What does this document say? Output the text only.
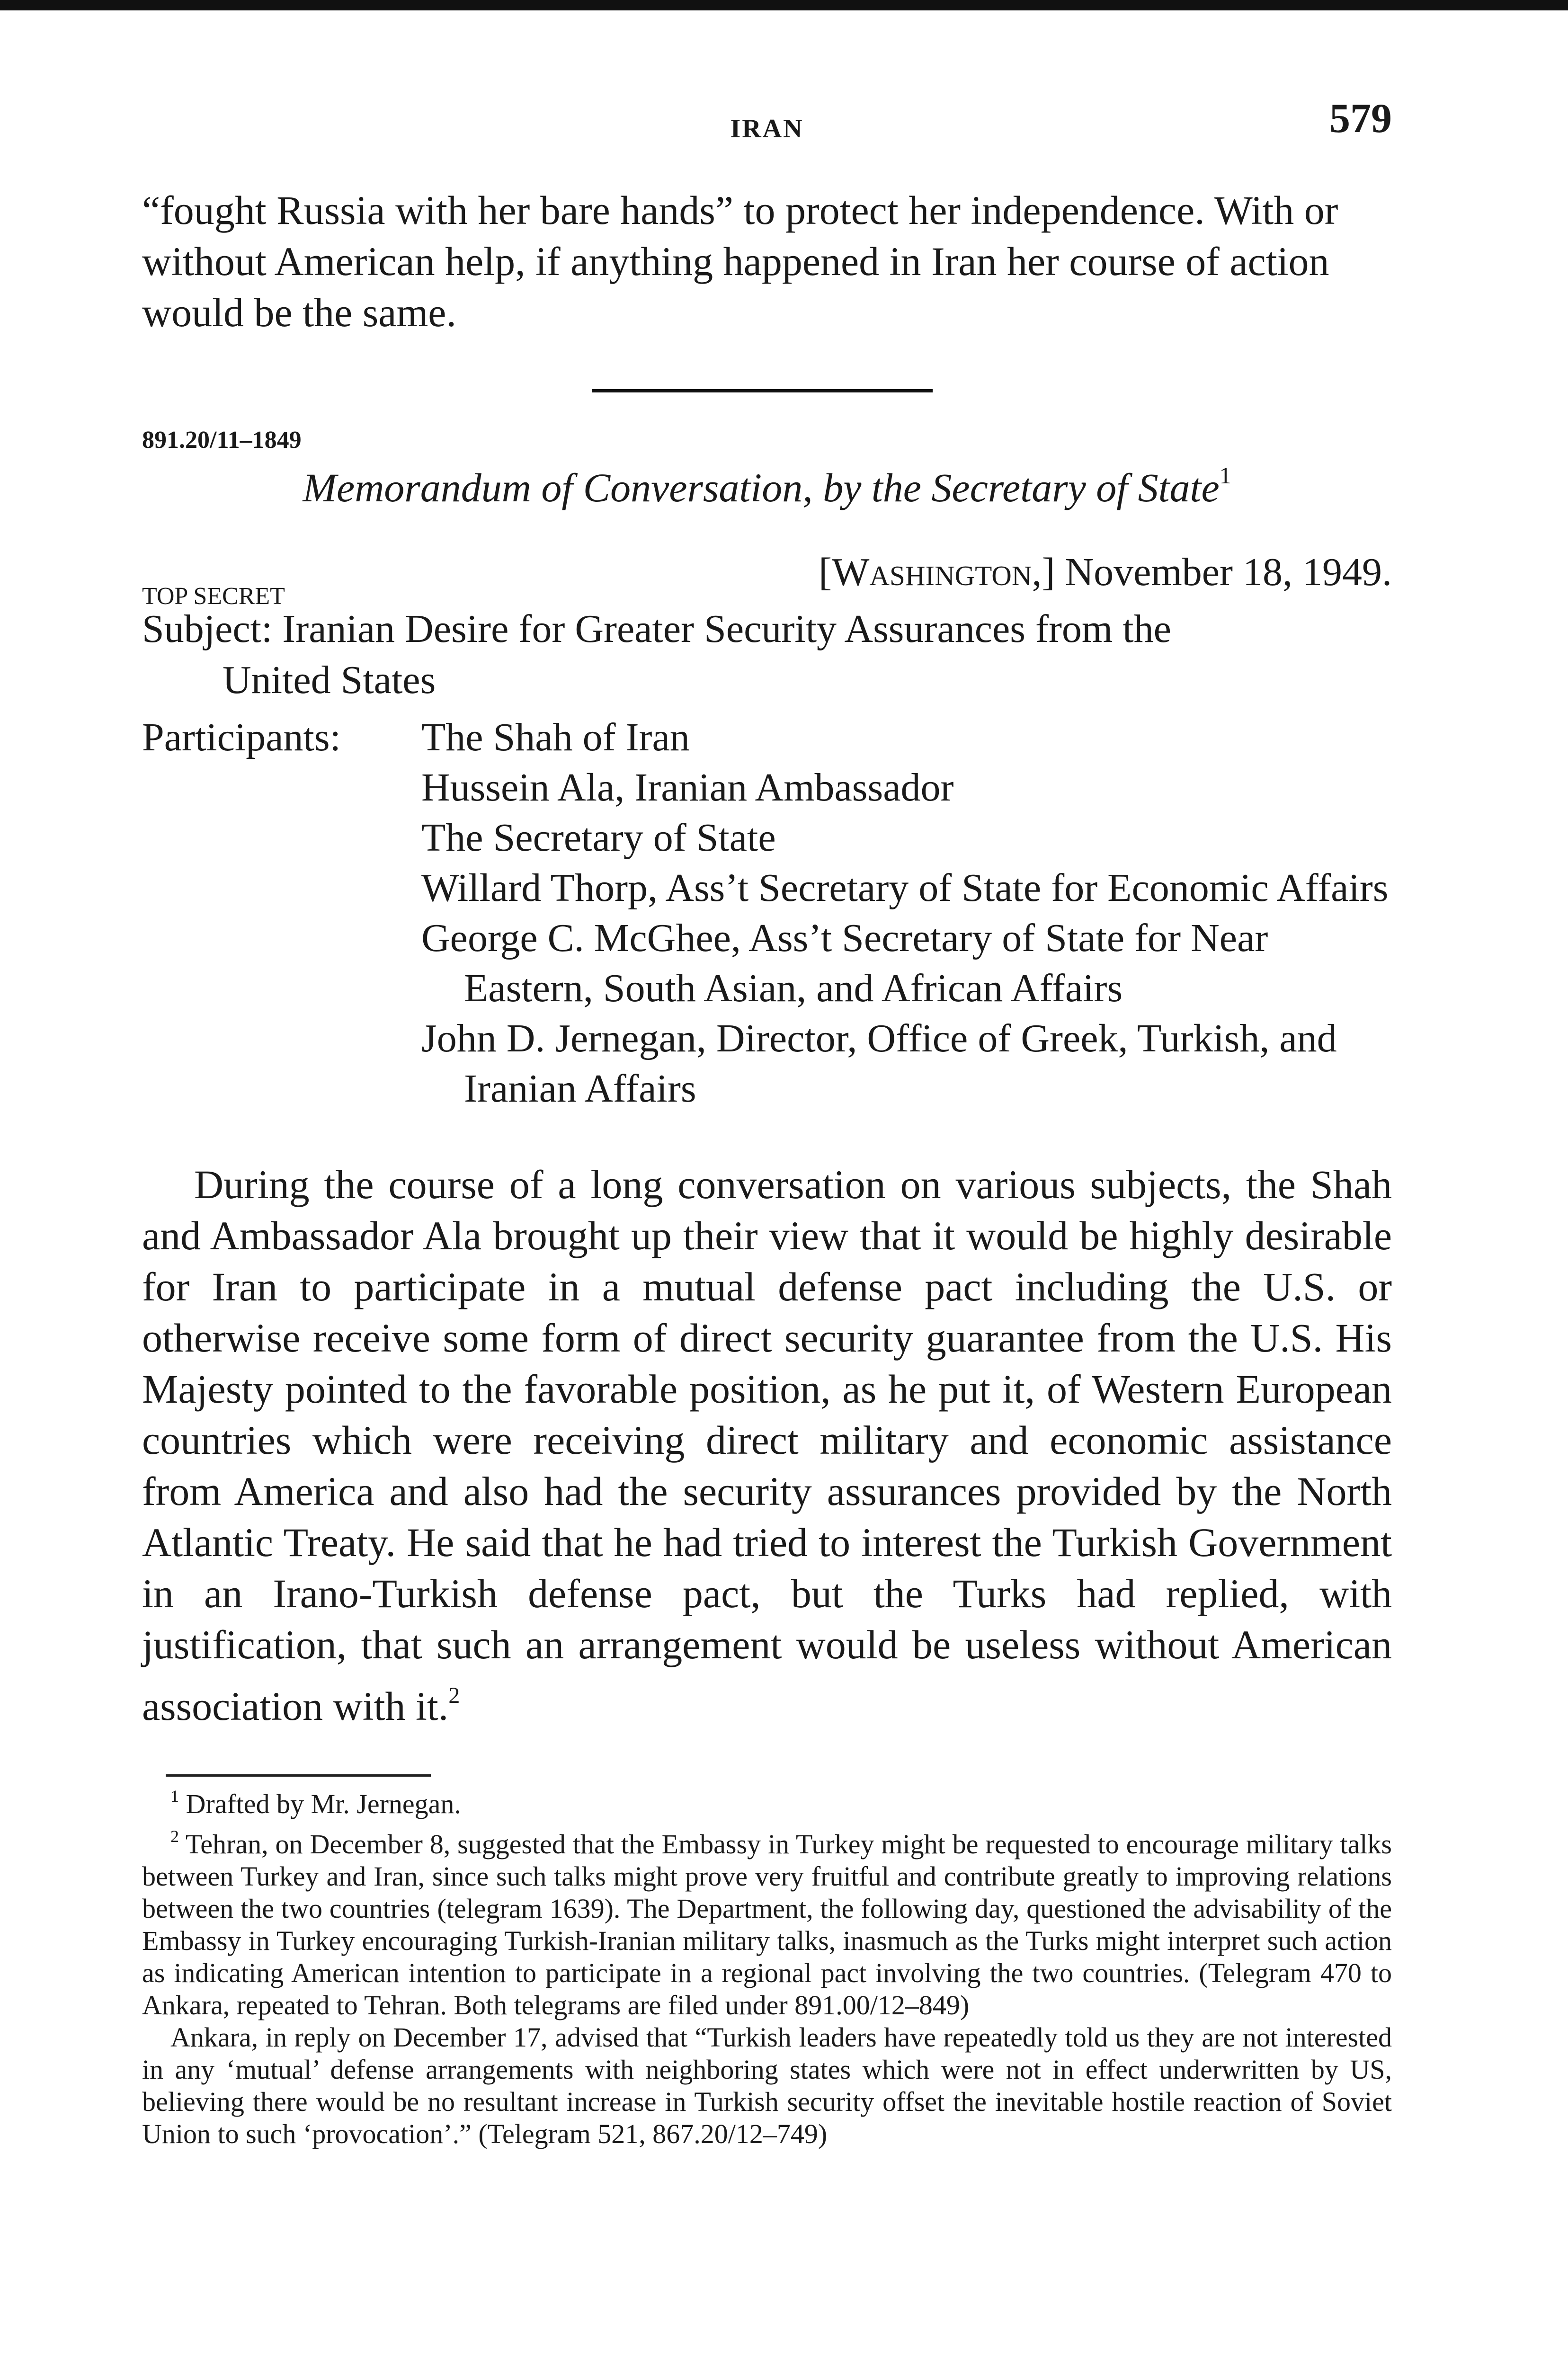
IRAN	579
“fought Russia with her bare hands” to protect her independence. With or without American help, if anything happened in Iran her course of action would be the same.
891.20/11–1849
Memorandum of Conversation, by the Secretary of State$^1$
TOP SECRET
[Washington,] November 18, 1949.
Subject: Iranian Desire for Greater Security Assurances from the
United States
Participants: The Shah of Iran
Hussein Ala, Iranian Ambassador
The Secretary of State
Willard Thorp, Ass’t Secretary of State for Economic Affairs
George C. McGhee, Ass’t Secretary of State for Near Eastern, South Asian, and African Affairs
John D. Jernegan, Director, Office of Greek, Turkish, and Iranian Affairs
During the course of a long conversation on various subjects, the Shah and Ambassador Ala brought up their view that it would be highly desirable for Iran to participate in a mutual defense pact including the U.S. or otherwise receive some form of direct security guarantee from the U.S. His Majesty pointed to the favorable position, as he put it, of Western European countries which were receiving direct military and economic assistance from America and also had the security assurances provided by the North Atlantic Treaty. He said that he had tried to interest the Turkish Government in an Irano-Turkish defense pact, but the Turks had replied, with justification, that such an arrangement would be useless without American association with it.$^2$

$^1$ Drafted by Mr. Jernegan.

$^2$ Tehran, on December 8, suggested that the Embassy in Turkey might be requested to encourage military talks between Turkey and Iran, since such talks might prove very fruitful and contribute greatly to improving relations between the two countries (telegram 1639). The Department, the following day, questioned the advisability of the Embassy in Turkey encouraging Turkish-Iranian military talks, inasmuch as the Turks might interpret such action as indicating American intention to participate in a regional pact involving the two countries. (Telegram 470 to Ankara, repeated to Tehran. Both telegrams are filed under 891.00/12–849)

Ankara, in reply on December 17, advised that “Turkish leaders have repeatedly told us they are not interested in any ‘mutual’ defense arrangements with neighboring states which were not in effect underwritten by US, believing there would be no resultant increase in Turkish security offset the inevitable hostile reaction of Soviet Union to such ‘provocation’.” (Telegram 521, 867.20/12–749)
